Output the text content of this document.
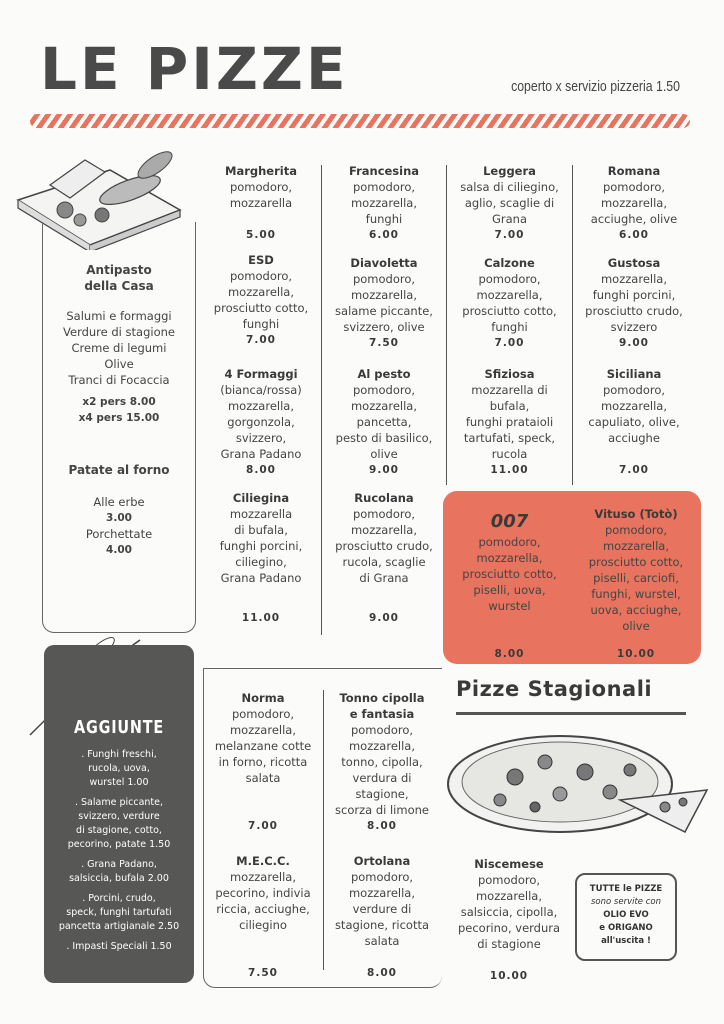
LE PIZZE	coperto x servizio pizzeria 1.50
Antipasto
della Casa
Salumi e formaggi
Verdure di stagione
Creme di legumi
Olive
Tranci di Focaccia
x2 pers 8.00
x4 pers 15.00
Patate al forno
Alle erbe
3.00
Porchettate
4.00
AGGIUNTE
. Funghi freschi,
rucola, uova,
wurstel 1.00
. Salame piccante,
svizzero, verdure
di stagione, cotto,
pecorino, patate 1.50
. Grana Padano,
salsiccia, bufala 2.00
. Porcini, crudo,
speck, funghi tartufati
pancetta artigianale 2.50
. Impasti Speciali 1.50
Margherita
pomodoro,
mozzarella
5.00
Francesina
pomodoro,
mozzarella,
funghi
6.00
Leggera
salsa di ciliegino,
aglio, scaglie di
Grana
7.00
Romana
pomodoro,
mozzarella,
acciughe, olive
6.00
ESD
pomodoro,
mozzarella,
prosciutto cotto,
funghi
7.00
Diavoletta
pomodoro,
mozzarella,
salame piccante,
svizzero, olive
7.50
Calzone
pomodoro,
mozzarella,
prosciutto cotto,
funghi
7.00
Gustosa
mozzarella,
funghi porcini,
prosciutto crudo,
svizzero
9.00
4 Formaggi
(bianca/rossa)
mozzarella,
gorgonzola,
svizzero,
Grana Padano
8.00
Al pesto
pomodoro,
mozzarella,
pancetta,
pesto di basilico,
olive
9.00
Sfiziosa
mozzarella di
bufala,
funghi prataioli
tartufati, speck,
rucola
11.00
Siciliana
pomodoro,
mozzarella,
capuliato, olive,
acciughe
7.00
Ciliegina
mozzarella
di bufala,
funghi porcini,
ciliegino,
Grana Padano
11.00
Rucolana
pomodoro,
mozzarella,
prosciutto crudo,
rucola, scaglie
di Grana
9.00
007
pomodoro,
mozzarella,
prosciutto cotto,
piselli, uova,
wurstel
8.00
Vituso (Totò)
pomodoro,
mozzarella,
prosciutto cotto,
piselli, carciofi,
funghi, wurstel,
uova, acciughe,
olive
10.00
Pizze Stagionali
Norma
pomodoro,
mozzarella,
melanzane cotte
in forno, ricotta
salata
7.00
Tonno cipolla
e fantasia
pomodoro,
mozzarella,
tonno, cipolla,
verdura di
stagione,
scorza di limone
8.00
M.E.C.C.
mozzarella,
pecorino, indivia
riccia, acciughe,
ciliegino
7.50
Ortolana
pomodoro,
mozzarella,
verdure di
stagione, ricotta
salata
8.00
Niscemese
pomodoro,
mozzarella,
salsiccia, cipolla,
pecorino, verdura
di stagione
10.00
TUTTE le PIZZE
sono servite con
OLIO EVO
e ORIGANO
all'uscita !
